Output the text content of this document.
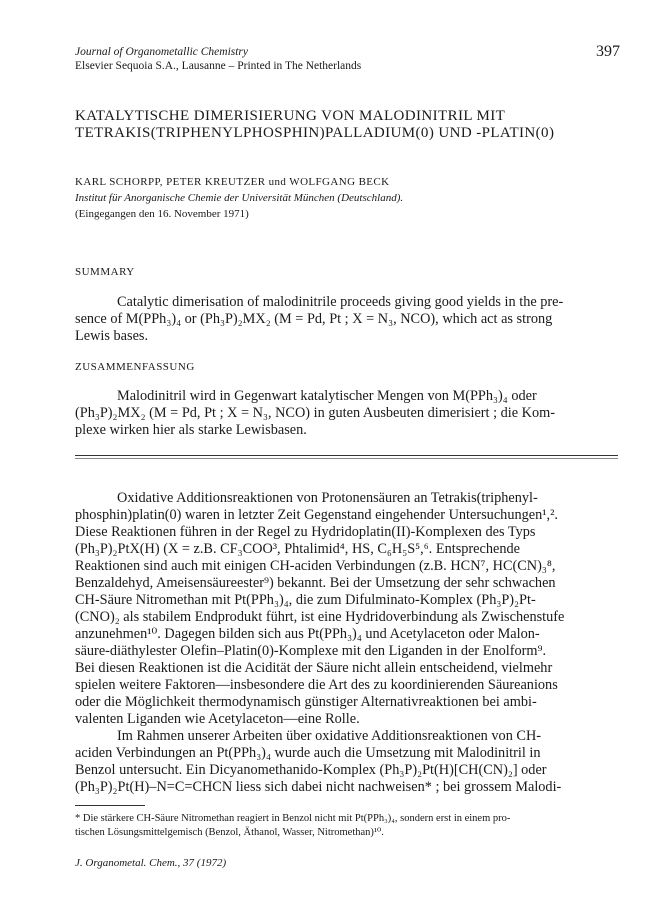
Journal of Organometallic Chemistry
Elsevier Sequoia S.A., Lausanne – Printed in The Netherlands
397
KATALYTISCHE DIMERISIERUNG VON MALODINITRIL MIT
TETRAKIS(TRIPHENYLPHOSPHIN)PALLADIUM(0) UND -PLATIN(0)
KARL SCHORPP, PETER KREUTZER und WOLFGANG BECK
Institut für Anorganische Chemie der Universität München (Deutschland).
(Eingegangen den 16. November 1971)
SUMMARY
Catalytic dimerisation of malodinitrile proceeds giving good yields in the pre-
sence of M(PPh₃)₄ or (Ph₃P)₂MX₂ (M = Pd, Pt ; X = N₃, NCO), which act as strong
Lewis bases.
ZUSAMMENFASSUNG
Malodinitril wird in Gegenwart katalytischer Mengen von M(PPh₃)₄ oder
(Ph₃P)₂MX₂ (M = Pd, Pt ; X = N₃, NCO) in guten Ausbeuten dimerisiert ; die Kom-
plexe wirken hier als starke Lewisbasen.
Oxidative Additionsreaktionen von Protonensäuren an Tetrakis(triphenyl-
phosphin)platin(0) waren in letzter Zeit Gegenstand eingehender Untersuchungen¹,².
Diese Reaktionen führen in der Regel zu Hydridoplatin(II)-Komplexen des Typs
(Ph₃P)₂PtX(H) (X = z.B. CF₃COO³, Phtalimid⁴, HS, C₆H₅S⁵,⁶. Entsprechende
Reaktionen sind auch mit einigen CH-aciden Verbindungen (z.B. HCN⁷, HC(CN)₃⁸,
Benzaldehyd, Ameisensäureester⁹) bekannt. Bei der Umsetzung der sehr schwachen
CH-Säure Nitromethan mit Pt(PPh₃)₄, die zum Difulminato-Komplex (Ph₃P)₂Pt-
(CNO)₂ als stabilem Endprodukt führt, ist eine Hydridoverbindung als Zwischenstufe
anzunehmen¹⁰. Dagegen bilden sich aus Pt(PPh₃)₄ und Acetylaceton oder Malon-
säure-diäthylester Olefin–Platin(0)-Komplexe mit den Liganden in der Enolform⁹.
Bei diesen Reaktionen ist die Acidität der Säure nicht allein entscheidend, vielmehr
spielen weitere Faktoren—insbesondere die Art des zu koordinierenden Säureanions
oder die Möglichkeit thermodynamisch günstiger Alternativreaktionen bei ambi-
valenten Liganden wie Acetylaceton—eine Rolle.
Im Rahmen unserer Arbeiten über oxidative Additionsreaktionen von CH-
aciden Verbindungen an Pt(PPh₃)₄ wurde auch die Umsetzung mit Malodinitril in
Benzol untersucht. Ein Dicyanomethanido-Komplex (Ph₃P)₂Pt(H)[CH(CN)₂] oder
(Ph₃P)₂Pt(H)–N=C=CHCN liess sich dabei nicht nachweisen* ; bei grossem Malodi-
* Die stärkere CH-Säure Nitromethan reagiert in Benzol nicht mit Pt(PPh₃)₄, sondern erst in einem pro-
tischen Lösungsmittelgemisch (Benzol, Äthanol, Wasser, Nitromethan)¹⁰.
J. Organometal. Chem., 37 (1972)
